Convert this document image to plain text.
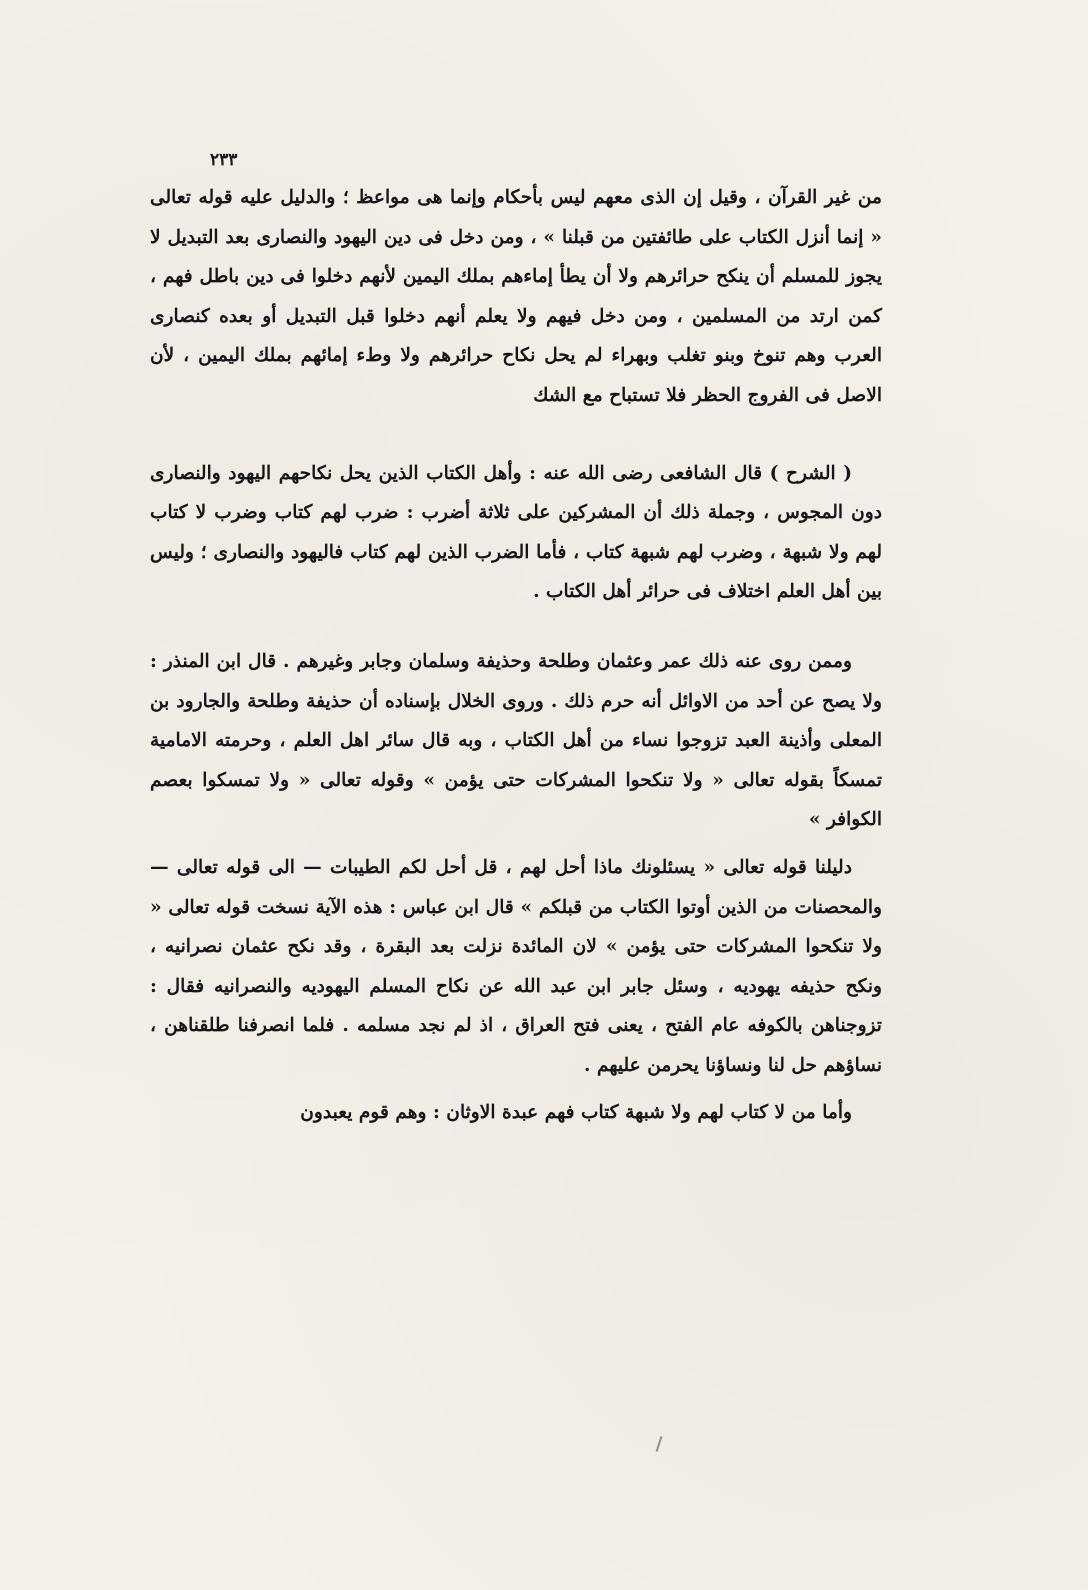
٢٣٣

من غير القرآن ، وقيل إن الذى معهم ليس بأحكام وإنما هى مواعظ ؛ والدليل عليه قوله تعالى « إنما أنزل الكتاب على طائفتين من قبلنا » ، ومن دخل فى دين اليهود والنصارى بعد التبديل لا يجوز للمسلم أن ينكح حرائرهم ولا أن يطأ إماءهم بملك اليمين لأنهم دخلوا فى دين باطل فهم ، كمن ارتد من المسلمين ، ومن دخل فيهم ولا يعلم أنهم دخلوا قبل التبديل أو بعده كنصارى العرب وهم تنوخ وبنو تغلب وبهراء لم يحل نكاح حرائرهم ولا وطء إمائهم بملك اليمين ، لأن الاصل فى الفروج الحظر فلا تستباح مع الشك

( الشرح ) قال الشافعى رضى الله عنه : وأهل الكتاب الذين يحل نكاحهم اليهود والنصارى دون المجوس ، وجملة ذلك أن المشركين على ثلاثة أضرب : ضرب لهم كتاب وضرب لا كتاب لهم ولا شبهة ، وضرب لهم شبهة كتاب ، فأما الضرب الذين لهم كتاب فاليهود والنصارى ؛ وليس بين أهل العلم اختلاف فى حرائر أهل الكتاب .

وممن روى عنه ذلك عمر وعثمان وطلحة وحذيفة وسلمان وجابر وغيرهم . قال ابن المنذر : ولا يصح عن أحد من الاوائل أنه حرم ذلك . وروى الخلال بإسناده أن حذيفة وطلحة والجارود بن المعلى وأذينة العبد تزوجوا نساء من أهل الكتاب ، وبه قال سائر اهل العلم ، وحرمته الامامية تمسكاً بقوله تعالى « ولا تنكحوا المشركات حتى يؤمن » وقوله تعالى « ولا تمسكوا بعصم الكوافر »

دليلنا قوله تعالى « يسئلونك ماذا أحل لهم ، قل أحل لكم الطيبات — الى قوله تعالى — والمحصنات من الذين أوتوا الكتاب من قبلكم » قال ابن عباس : هذه الآية نسخت قوله تعالى « ولا تنكحوا المشركات حتى يؤمن » لان المائدة نزلت بعد البقرة ، وقد نكح عثمان نصرانيه ، ونكح حذيفه يهوديه ، وسئل جابر ابن عبد الله عن نكاح المسلم اليهوديه والنصرانيه فقال : تزوجناهن بالكوفه عام الفتح ، يعنى فتح العراق ، اذ لم نجد مسلمه . فلما انصرفنا طلقناهن ، نساؤهم حل لنا ونساؤنا يحرمن عليهم .

وأما من لا كتاب لهم ولا شبهة كتاب فهم عبدة الاوثان : وهم قوم يعبدون
